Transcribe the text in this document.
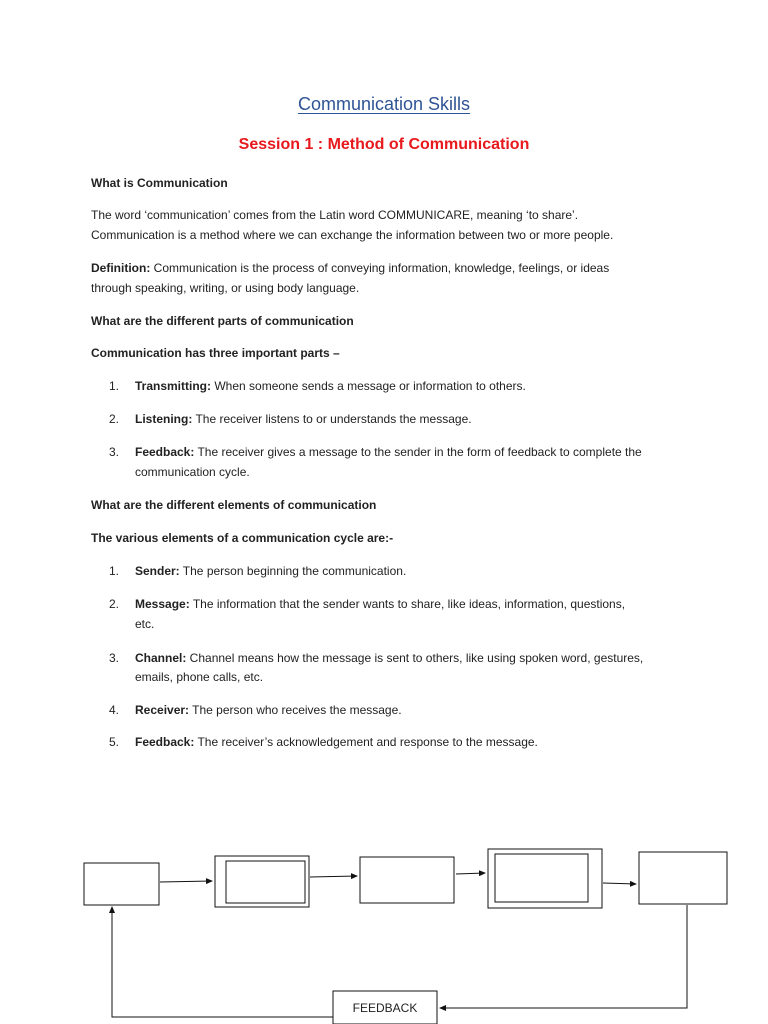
Communication Skills
Session 1 : Method of Communication
What is Communication
The word ‘communication’ comes from the Latin word COMMUNICARE, meaning ‘to share’.
Communication is a method where we can exchange the information between two or more people.
Definition: Communication is the process of conveying information, knowledge, feelings, or ideas
through speaking, writing, or using body language.
What are the different parts of communication
Communication has three important parts –
1.	Transmitting: When someone sends a message or information to others.
2.	Listening: The receiver listens to or understands the message.
3.	Feedback: The receiver gives a message to the sender in the form of feedback to complete the
communication cycle.
What are the different elements of communication
The various elements of a communication cycle are:-
1.	Sender: The person beginning the communication.
2.	Message: The information that the sender wants to share, like ideas, information, questions,
etc.
3.	Channel: Channel means how the message is sent to others, like using spoken word, gestures,
emails, phone calls, etc.
4.	Receiver: The person who receives the message.
5.	Feedback: The receiver’s acknowledgement and response to the message.
FEEDBACK
